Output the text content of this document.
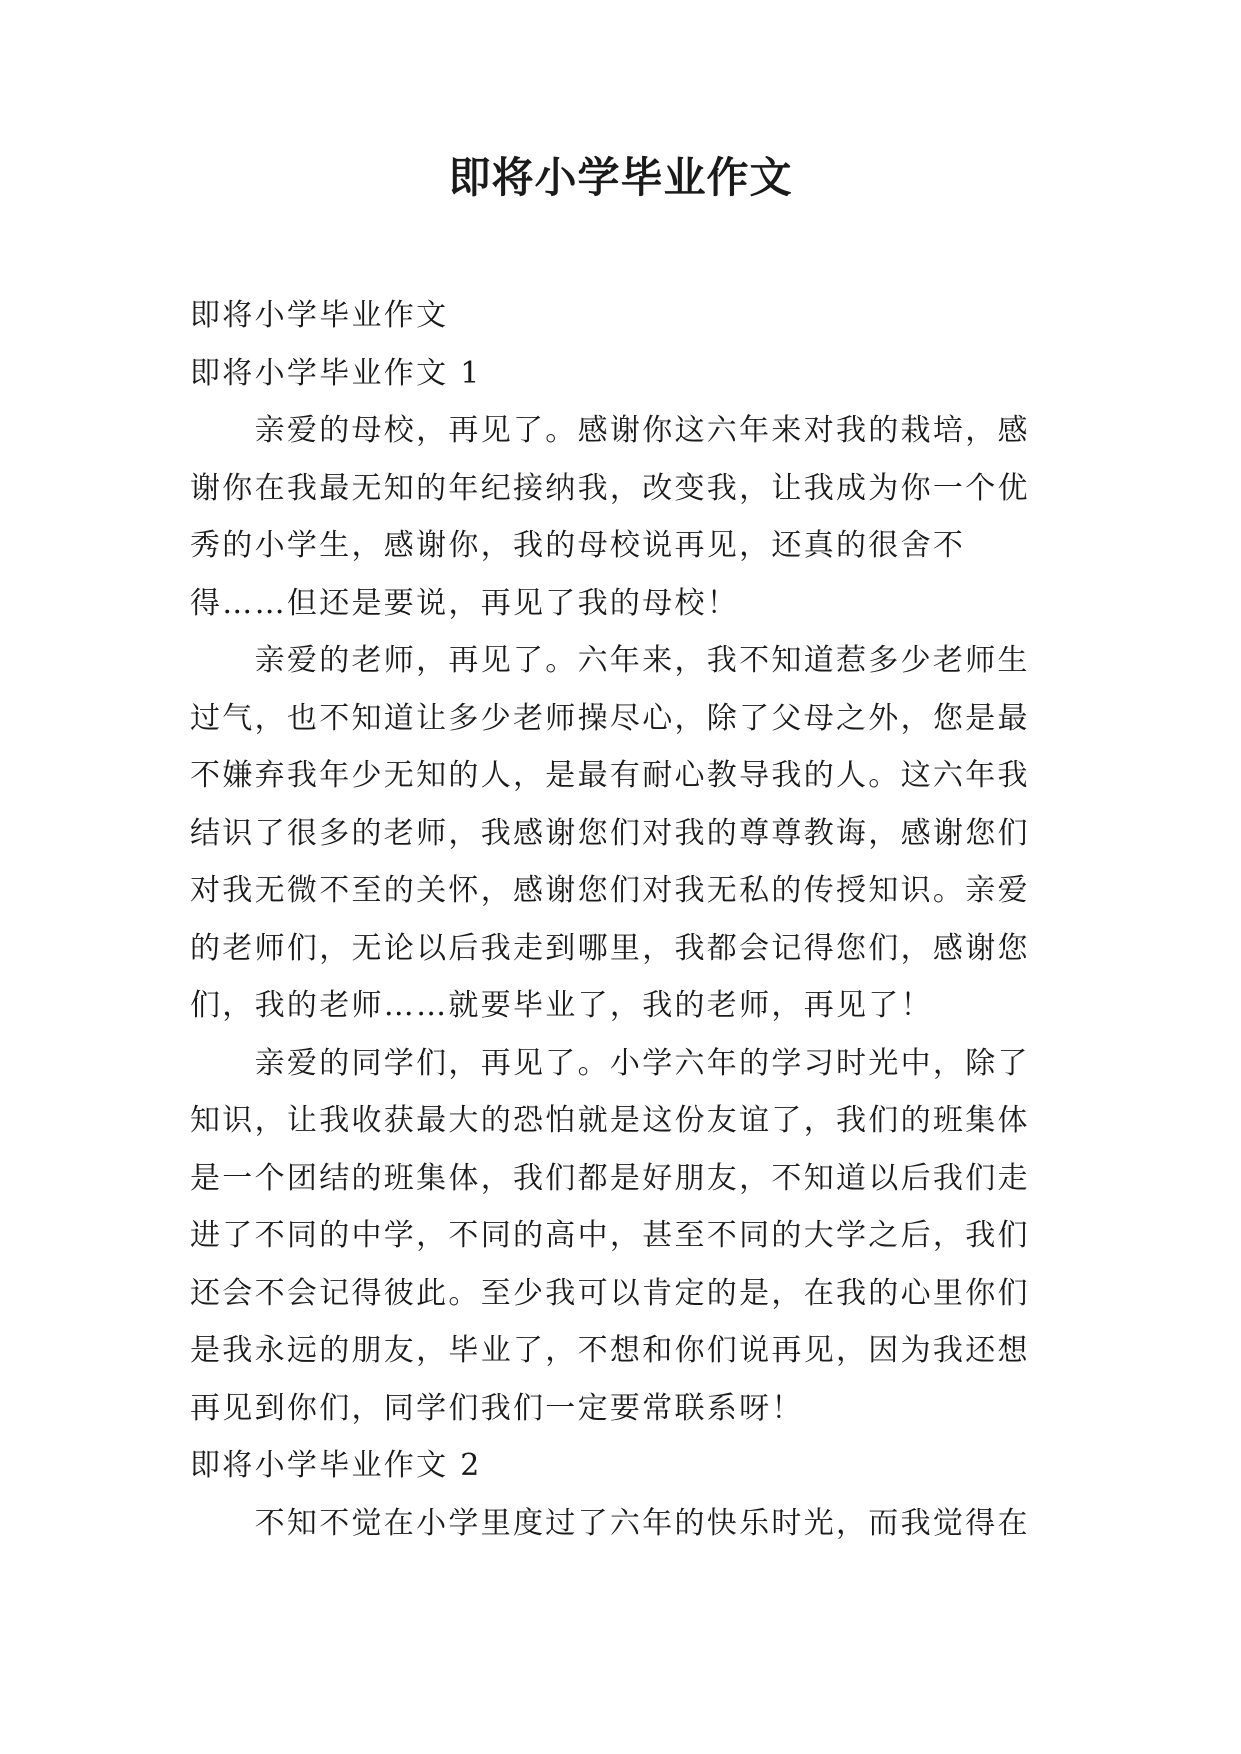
即将小学毕业作文

即将小学毕业作文

即将小学毕业作文 1

　　亲爱的母校，再见了。感谢你这六年来对我的栽培，感

谢你在我最无知的年纪接纳我，改变我，让我成为你一个优

秀的小学生，感谢你，我的母校说再见，还真的很舍不

得……但还是要说，再见了我的母校！

　　亲爱的老师，再见了。六年来，我不知道惹多少老师生

过气，也不知道让多少老师操尽心，除了父母之外，您是最

不嫌弃我年少无知的人，是最有耐心教导我的人。这六年我

结识了很多的老师，我感谢您们对我的尊尊教诲，感谢您们

对我无微不至的关怀，感谢您们对我无私的传授知识。亲爱

的老师们，无论以后我走到哪里，我都会记得您们，感谢您

们，我的老师……就要毕业了，我的老师，再见了！

　　亲爱的同学们，再见了。小学六年的学习时光中，除了

知识，让我收获最大的恐怕就是这份友谊了，我们的班集体

是一个团结的班集体，我们都是好朋友，不知道以后我们走

进了不同的中学，不同的高中，甚至不同的大学之后，我们

还会不会记得彼此。至少我可以肯定的是，在我的心里你们

是我永远的朋友，毕业了，不想和你们说再见，因为我还想

再见到你们，同学们我们一定要常联系呀！

即将小学毕业作文 2

　　不知不觉在小学里度过了六年的快乐时光，而我觉得在
